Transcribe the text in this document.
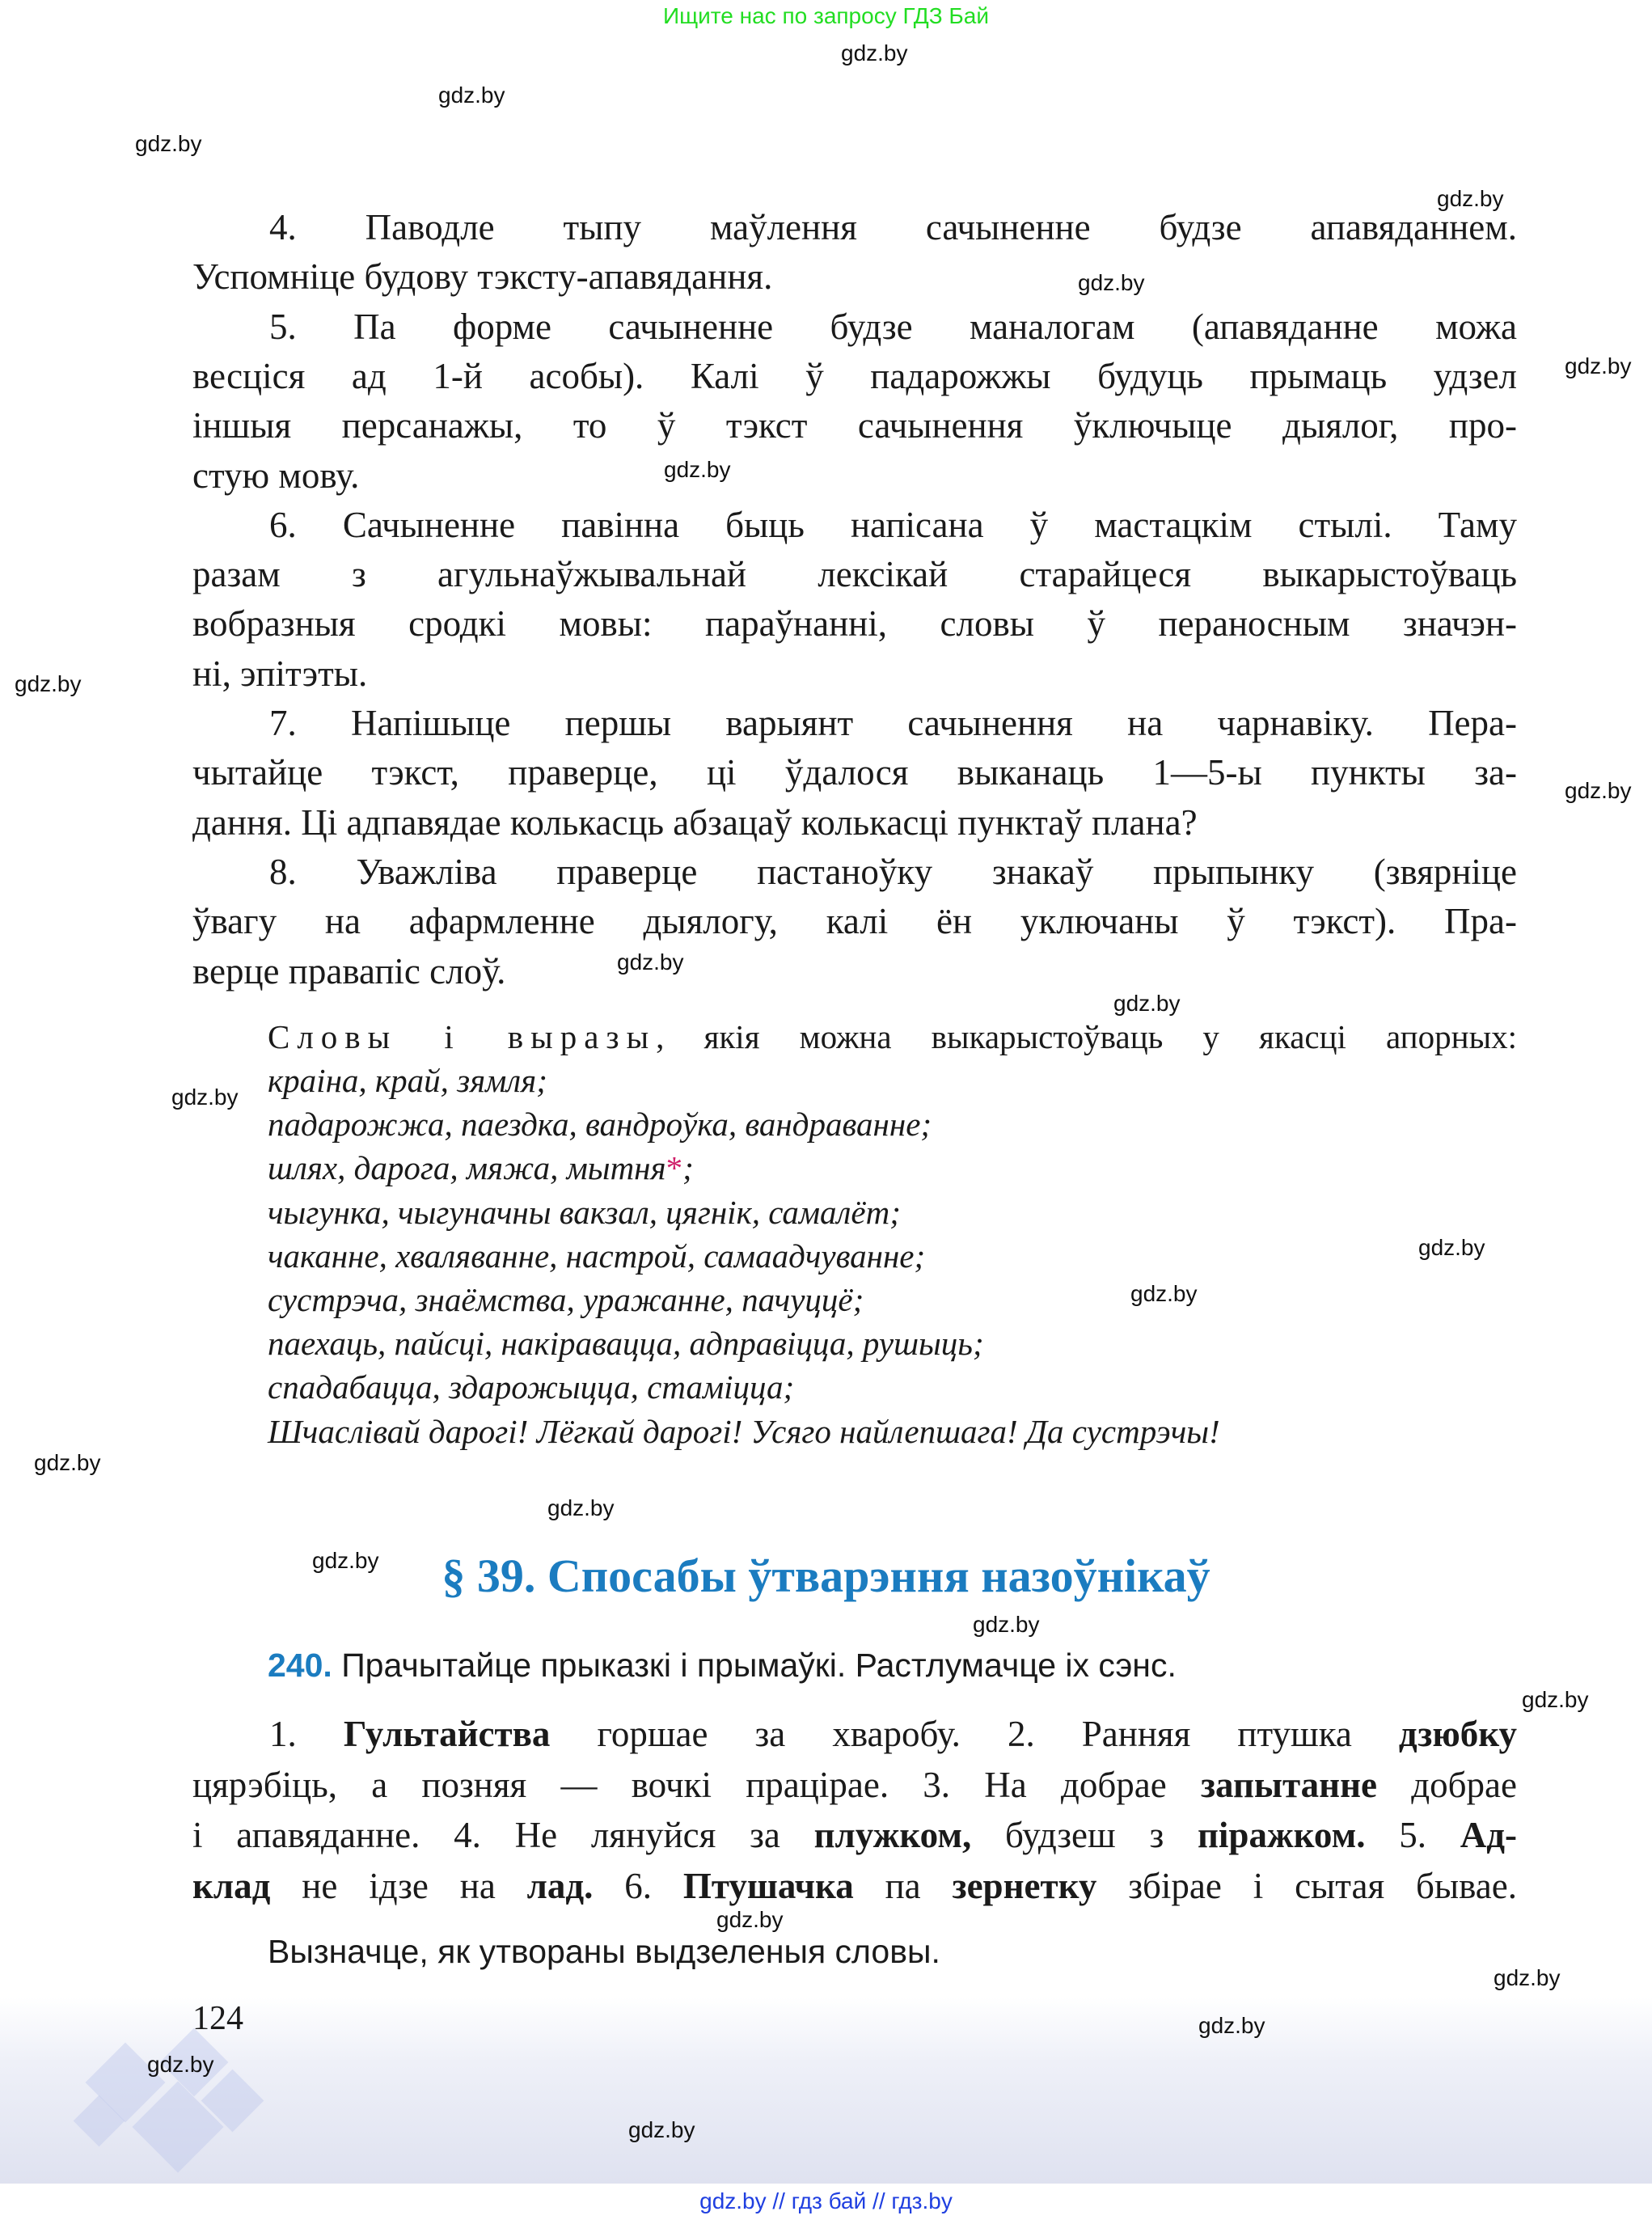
Ищите нас по запросу ГДЗ Бай
4. Паводле тыпу маўлення сачыненне будзе апавяданнем.
Успомніце будову тэксту-апавядання.
5. Па форме сачыненне будзе маналогам (апавяданне можа
весціся ад 1-й асобы). Калі ў падарожжы будуць прымаць удзел
іншыя персанажы, то ў тэкст сачынення ўключыце дыялог, про-
стую мову.
6. Сачыненне павінна быць напісана ў мастацкім стылі. Таму
разам з агульнаўжывальнай лексікай старайцеся выкарыстоўваць
вобразныя сродкі мовы: параўнанні, словы ў пераносным значэн-
ні, эпітэты.
7. Напішыце першы варыянт сачынення на чарнавіку. Пера-
чытайце тэкст, праверце, ці ўдалося выканаць 1—5-ы пункты за-
дання. Ці адпавядае колькасць абзацаў колькасці пунктаў плана?
8. Уважліва праверце пастаноўку знакаў прыпынку (звярніце
ўвагу на афармленне дыялогу, калі ён уключаны ў тэкст). Пра-
верце правапіс слоў.
Словы і выразы, якія можна выкарыстоўваць у якасці апорных:
краіна, край, зямля;
падарожжа, паездка, вандроўка, вандраванне;
шлях, дарога, мяжа, мытня*;
чыгунка, чыгуначны вакзал, цягнік, самалёт;
чаканне, хваляванне, настрой, самаадчуванне;
сустрэча, знаёмства, уражанне, пачуццё;
паехаць, пайсці, накіравацца, адправіцца, рушыць;
спадабацца, здарожыцца, стаміцца;
Шчаслівай дарогі! Лёгкай дарогі! Усяго найлепшага! Да сустрэчы!
§ 39. Спосабы ўтварэння назоўнікаў
240. Прачытайце прыказкі і прымаўкі. Растлумачце іх сэнс.
1. Гультайства горшае за хваробу. 2. Ранняя птушка дзюбку
цярэбіць, а позняя — вочкі працірае. 3. На добрае запытанне добрае
і апавяданне. 4. Не лянуйся за плужком, будзеш з піражком. 5. Ад-
клад не ідзе на лад. 6. Птушачка па зернетку збірае і сытая бывае.
Вызначце, як утвораны выдзеленыя словы.
124
gdz.by
gdz.by
gdz.by
gdz.by
gdz.by
gdz.by
gdz.by
gdz.by
gdz.by
gdz.by
gdz.by
gdz.by
gdz.by
gdz.by
gdz.by
gdz.by
gdz.by
gdz.by
gdz.by
gdz.by
gdz.by
gdz.by
gdz.by
gdz.by
gdz.by // гдз бай // гдз.by
